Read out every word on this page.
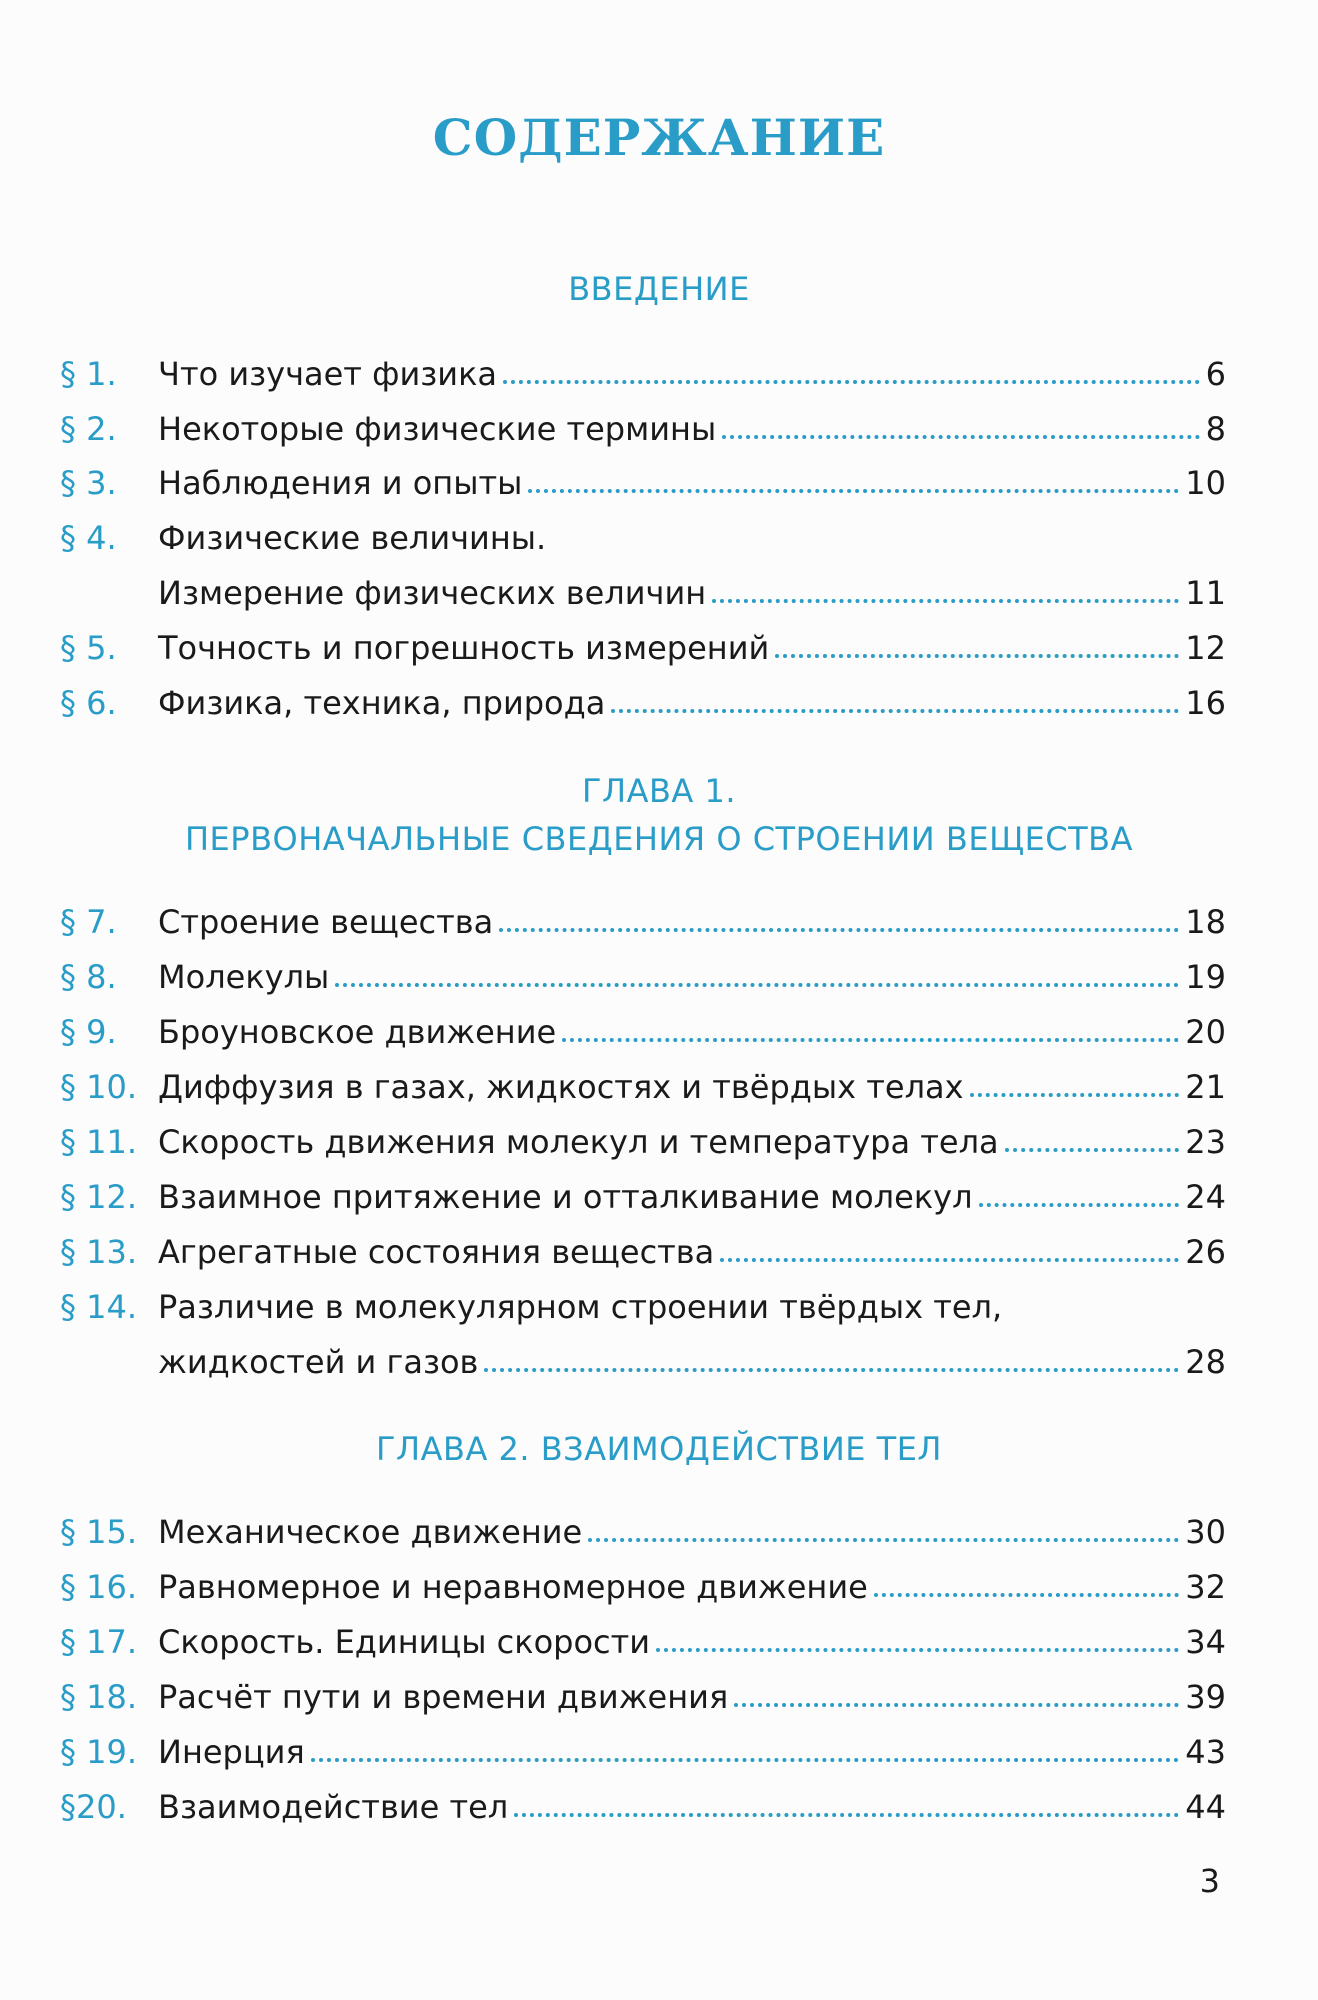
СОДЕРЖАНИЕ
ВВЕДЕНИЕ
§ 1.	Что изучает физика	6
§ 2.	Некоторые физические термины	8
§ 3.	Наблюдения и опыты	10
§ 4.	Физические величины.
Измерение физических величин	11
§ 5.	Точность и погрешность измерений	12
§ 6.	Физика, техника, природа	16
ГЛАВА 1.
ПЕРВОНАЧАЛЬНЫЕ СВЕДЕНИЯ О СТРОЕНИИ ВЕЩЕСТВА
§ 7.	Строение вещества	18
§ 8.	Молекулы	19
§ 9.	Броуновское движение	20
§ 10. Диффузия в газах, жидкостях и твёрдых телах	21
§ 11. Скорость движения молекул и температура тела	23
§ 12. Взаимное притяжение и отталкивание молекул	24
§ 13. Агрегатные состояния вещества	26
§ 14. Различие в молекулярном строении твёрдых тел,
жидкостей и газов	28
ГЛАВА 2. ВЗАИМОДЕЙСТВИЕ ТЕЛ
§ 15. Механическое движение	30
§ 16. Равномерное и неравномерное движение	32
§ 17. Скорость. Единицы скорости	34
§ 18. Расчёт пути и времени движения	39
§ 19. Инерция	43
§20. Взаимодействие тел	44
3
